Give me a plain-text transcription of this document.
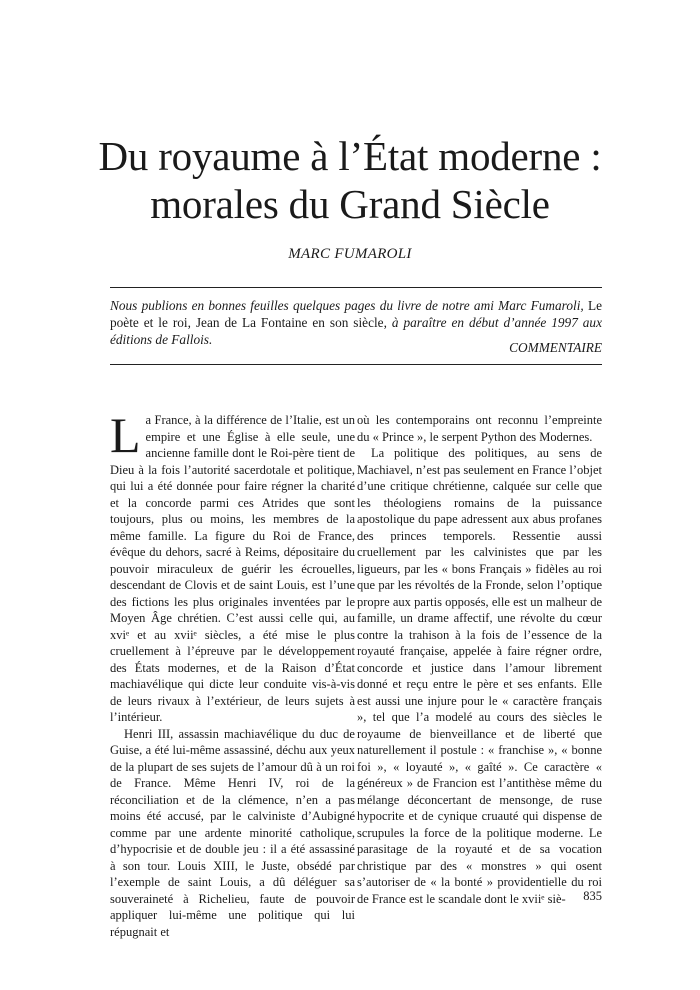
Du royaume à l’État moderne :
morales du Grand Siècle
MARC FUMAROLI

Nous publions en bonnes feuilles quelques pages du livre de notre ami Marc Fumaroli, Le poète et le roi, Jean de La Fontaine en son siècle, à paraître en début d’année 1997 aux éditions de Fallois.

COMMENTAIRE

La France, à la différence de l’Italie, est un empire et une Église à elle seule, une ancienne famille dont le Roi-père tient de Dieu à la fois l’autorité sacerdotale et politique, qui lui a été donnée pour faire régner la charité et la concorde parmi ces Atrides que sont toujours, plus ou moins, les membres de la même famille. La figure du Roi de France, évêque du dehors, sacré à Reims, dépositaire du pouvoir miraculeux de guérir les écrouelles, descendant de Clovis et de saint Louis, est l’une des fictions les plus originales inventées par le Moyen Âge chrétien. C’est aussi celle qui, au xviᵉ et au xviiᵉ siècles, a été mise le plus cruellement à l’épreuve par le développement des États modernes, et de la Raison d’État machiavélique qui dicte leur conduite vis-à-vis de leurs rivaux à l’extérieur, de leurs sujets à l’intérieur.

Henri III, assassin machiavélique du duc de Guise, a été lui-même assassiné, déchu aux yeux de la plupart de ses sujets de l’amour dû à un roi de France. Même Henri IV, roi de la réconciliation et de la clémence, n’en a pas moins été accusé, par le calviniste d’Aubigné comme par une ardente minorité catholique, d’hypocrisie et de double jeu : il a été assassiné à son tour. Louis XIII, le Juste, obsédé par l’exemple de saint Louis, a dû déléguer sa souveraineté à Richelieu, faute de pouvoir appliquer lui-même une politique qui lui répugnait et

où les contemporains ont reconnu l’empreinte du « Prince », le serpent Python des Modernes.

La politique des politiques, au sens de Machiavel, n’est pas seulement en France l’objet d’une critique chrétienne, calquée sur celle que les théologiens romains de la puissance apostolique du pape adressent aux abus profanes des princes temporels. Ressentie aussi cruellement par les calvinistes que par les ligueurs, par les « bons Français » fidèles au roi que par les révoltés de la Fronde, selon l’optique propre aux partis opposés, elle est un malheur de famille, un drame affectif, une révolte du cœur contre la trahison à la fois de l’essence de la royauté française, appelée à faire régner ordre, concorde et justice dans l’amour librement donné et reçu entre le père et ses enfants. Elle est aussi une injure pour le « caractère français », tel que l’a modelé au cours des siècles le royaume de bienveillance et de liberté que naturellement il postule : « franchise », « bonne foi », « loyauté », « gaîté ». Ce caractère « généreux » de Francion est l’antithèse même du mélange déconcertant de mensonge, de ruse hypocrite et de cynique cruauté qui dispense de scrupules la force de la politique moderne. Le parasitage de la royauté et de sa vocation christique par des « monstres » qui osent s’autoriser de « la bonté » providentielle du roi de France est le scandale dont le xviiᵉ siè-	835
